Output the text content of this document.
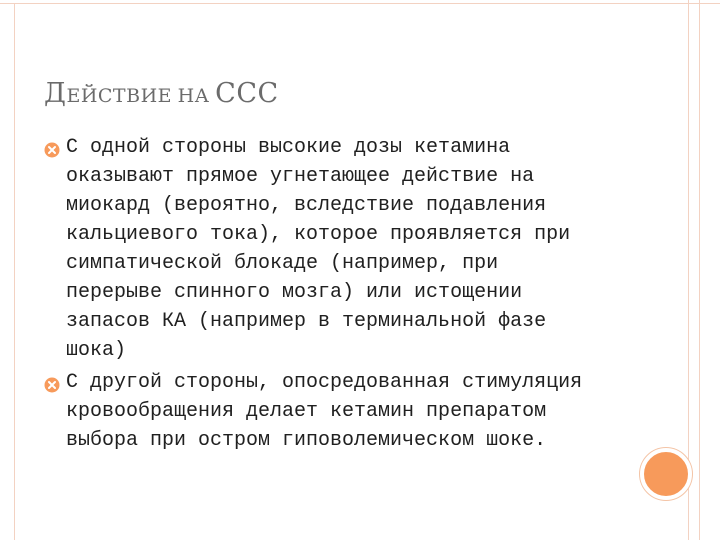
ДЕЙСТВИЕ НА ССС
С одной стороны высокие дозы кетамина
оказывают прямое угнетающее действие на
миокард (вероятно, вследствие подавления
кальциевого тока), которое проявляется при
симпатической блокаде (например, при
перерыве спинного мозга) или истощении
запасов КА (например в терминальной фазе
шока)
С другой стороны, опосредованная стимуляция
кровообращения делает кетамин препаратом
выбора при остром гиповолемическом шоке.
